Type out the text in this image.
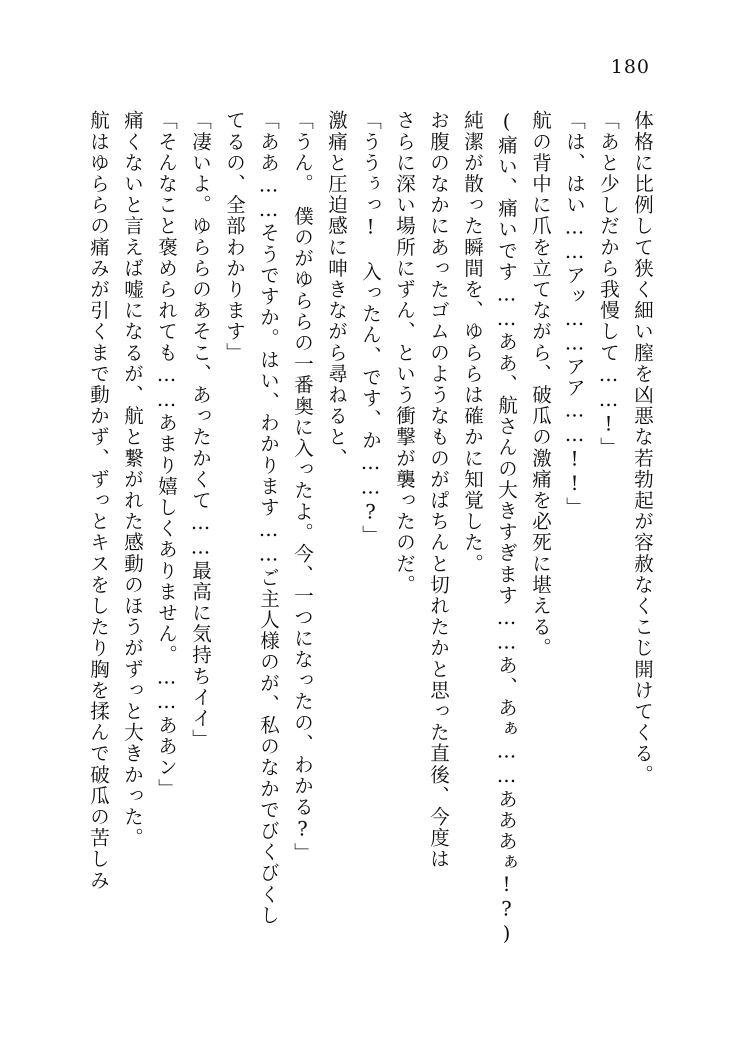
180
体格に比例して狭く細い膣を凶悪な若勃起が容赦なくこじ開けてくる。
「あと少しだから我慢して……!」
「は、はい……アッ……アア……!!」
航の背中に爪を立てながら、破瓜の激痛を必死に堪える。
(痛い、痛いです……ああ、航さんの大きすぎます……あ、あぁ……あああぁ!?)
純潔が散った瞬間を、ゆららは確かに知覚した。
お腹のなかにあったゴムのようなものがぱちんと切れたかと思った直後、今度は
さらに深い場所にずん、という衝撃が襲ったのだ。
「ううぅっ!　入ったん、です、か……?」
激痛と圧迫感に呻きながら尋ねると、
「うん。　僕のがゆららの一番奥に入ったよ。今、一つになったの、わかる?」
「ああ……そうですか。はい、わかります……ご主人様のが、私のなかでびくびくし
てるの、全部わかります」
「凄いよ。ゆららのあそこ、あったかくて……最高に気持ちイイ」
「そんなこと褒められても……あまり嬉しくありません。……ああン」
痛くないと言えば嘘になるが、航と繋がれた感動のほうがずっと大きかった。
航はゆららの痛みが引くまで動かず、ずっとキスをしたり胸を揉んで破瓜の苦しみ
